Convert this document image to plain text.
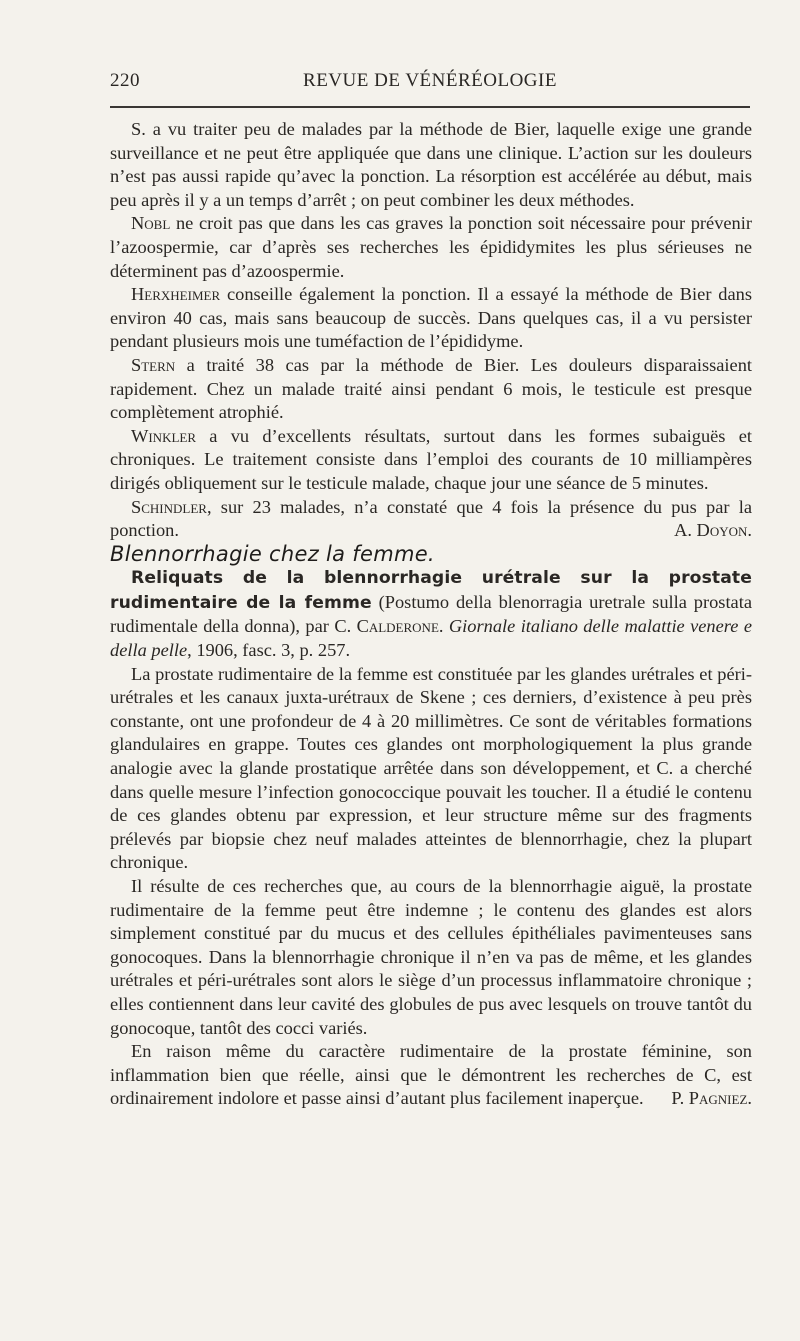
220	REVUE DE VÉNÉRÉOLOGIE

S. a vu traiter peu de malades par la méthode de Bier, laquelle exige une grande surveillance et ne peut être appliquée que dans une clinique. L’action sur les douleurs n’est pas aussi rapide qu’avec la ponction. La résorption est accélérée au début, mais peu après il y a un temps d’arrêt ; on peut combiner les deux méthodes.

Nobl ne croit pas que dans les cas graves la ponction soit nécessaire pour prévenir l’azoospermie, car d’après ses recherches les épididymites les plus sérieuses ne déterminent pas d’azoospermie.

Herxheimer conseille également la ponction. Il a essayé la méthode de Bier dans environ 40 cas, mais sans beaucoup de succès. Dans quelques cas, il a vu persister pendant plusieurs mois une tuméfaction de l’épididyme.

Stern a traité 38 cas par la méthode de Bier. Les douleurs disparaissaient rapidement. Chez un malade traité ainsi pendant 6 mois, le testicule est presque complètement atrophié.

Winkler a vu d’excellents résultats, surtout dans les formes subaiguës et chroniques. Le traitement consiste dans l’emploi des courants de 10 milliampères dirigés obliquement sur le testicule malade, chaque jour une séance de 5 minutes.

Schindler, sur 23 malades, n’a constaté que 4 fois la présence du pus par la ponction.	A. Doyon.

Blennorrhagie chez la femme.

Reliquats de la blennorrhagie urétrale sur la prostate rudimentaire de la femme (Postumo della blenorragia uretrale sulla prostata rudimentale della donna), par C. Calderone. Giornale italiano delle malattie venere e della pelle, 1906, fasc. 3, p. 257.

La prostate rudimentaire de la femme est constituée par les glandes urétrales et péri-urétrales et les canaux juxta-urétraux de Skene ; ces derniers, d’existence à peu près constante, ont une profondeur de 4 à 20 millimètres. Ce sont de véritables formations glandulaires en grappe. Toutes ces glandes ont morphologiquement la plus grande analogie avec la glande prostatique arrêtée dans son développement, et C. a cherché dans quelle mesure l’infection gonococcique pouvait les toucher. Il a étudié le contenu de ces glandes obtenu par expression, et leur structure même sur des fragments prélevés par biopsie chez neuf malades atteintes de blennorrhagie, chez la plupart chronique.

Il résulte de ces recherches que, au cours de la blennorrhagie aiguë, la prostate rudimentaire de la femme peut être indemne ; le contenu des glandes est alors simplement constitué par du mucus et des cellules épithéliales pavimenteuses sans gonocoques. Dans la blennorrhagie chronique il n’en va pas de même, et les glandes urétrales et péri-urétrales sont alors le siège d’un processus inflammatoire chronique ; elles contiennent dans leur cavité des globules de pus avec lesquels on trouve tantôt du gonocoque, tantôt des cocci variés.

En raison même du caractère rudimentaire de la prostate féminine, son inflammation bien que réelle, ainsi que le démontrent les recherches de C, est ordinairement indolore et passe ainsi d’autant plus facilement inaperçue.	P. Pagniez.
